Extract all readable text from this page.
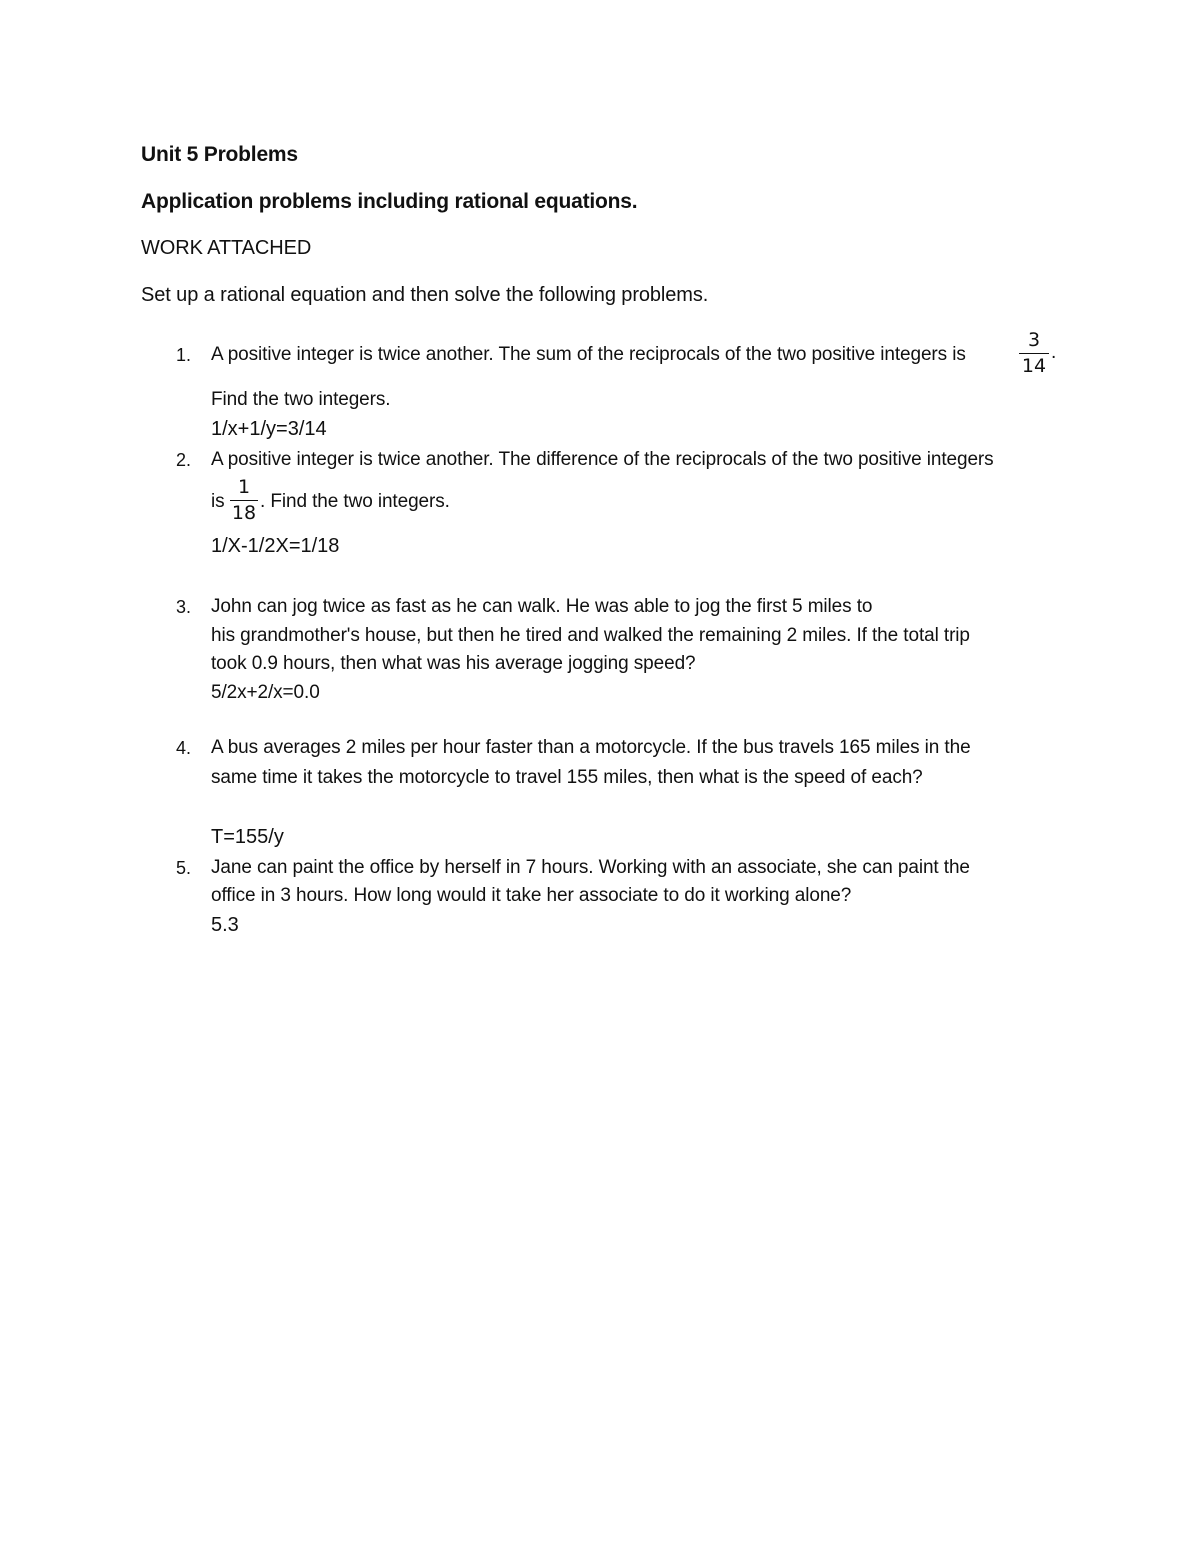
Unit 5 Problems
Application problems including rational equations.
WORK ATTACHED
Set up a rational equation and then solve the following problems.
1. A positive integer is twice another. The sum of the reciprocals of the two positive integers is
3
14
.
Find the two integers.
1/x+1/y=3/14
2. A positive integer is twice another. The difference of the reciprocals of the two positive integers
is
1
18
. Find the two integers.
1/X-1/2X=1/18
3. John can jog twice as fast as he can walk. He was able to jog the first 5 miles to
his grandmother's house, but then he tired and walked the remaining 2 miles. If the total trip
took 0.9 hours, then what was his average jogging speed?
5/2x+2/x=0.0
4. A bus averages 2 miles per hour faster than a motorcycle. If the bus travels 165 miles in the
same time it takes the motorcycle to travel 155 miles, then what is the speed of each?
T=155/y
5. Jane can paint the office by herself in 7 hours. Working with an associate, she can paint the
office in 3 hours. How long would it take her associate to do it working alone?
5.3
